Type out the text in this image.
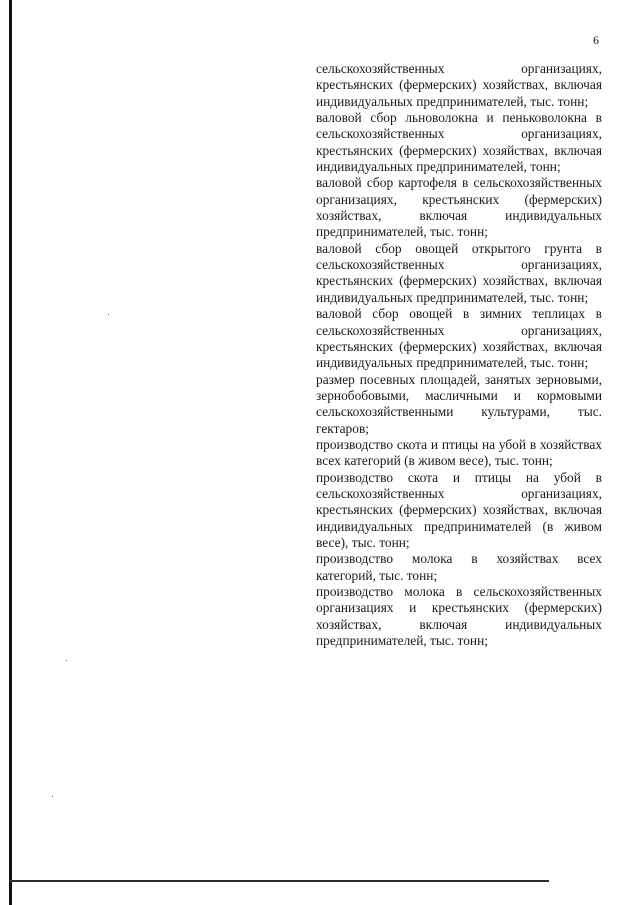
6

сельскохозяйственных организациях, крестьянских (фермерских) хозяйствах, включая индивидуальных предпринимателей, тыс. тонн;

валовой сбор льноволокна и пеньковолокна в сельскохозяйственных организациях, крестьянских (фермерских) хозяйствах, включая индивидуальных предпринимателей, тонн;

валовой сбор картофеля в сельскохозяйственных организациях, крестьянских (фермерских) хозяйствах, включая индивидуальных предпринимателей, тыс. тонн;

валовой сбор овощей открытого грунта в сельскохозяйственных организациях, крестьянских (фермерских) хозяйствах, включая индивидуальных предпринимателей, тыс. тонн;

валовой сбор овощей в зимних теплицах в сельскохозяйственных организациях, крестьянских (фермерских) хозяйствах, включая индивидуальных предпринимателей, тыс. тонн;

размер посевных площадей, занятых зерновыми, зернобобовыми, масличными и кормовыми сельскохозяйственными культурами, тыс. гектаров;

производство скота и птицы на убой в хозяйствах всех категорий (в живом весе), тыс. тонн;

производство скота и птицы на убой в сельскохозяйственных организациях, крестьянских (фермерских) хозяйствах, включая индивидуальных предпринимателей (в живом весе), тыс. тонн;

производство молока в хозяйствах всех категорий, тыс. тонн;

производство молока в сельскохозяйственных организациях и крестьянских (фермерских) хозяйствах, включая индивидуальных предпринимателей, тыс. тонн;
